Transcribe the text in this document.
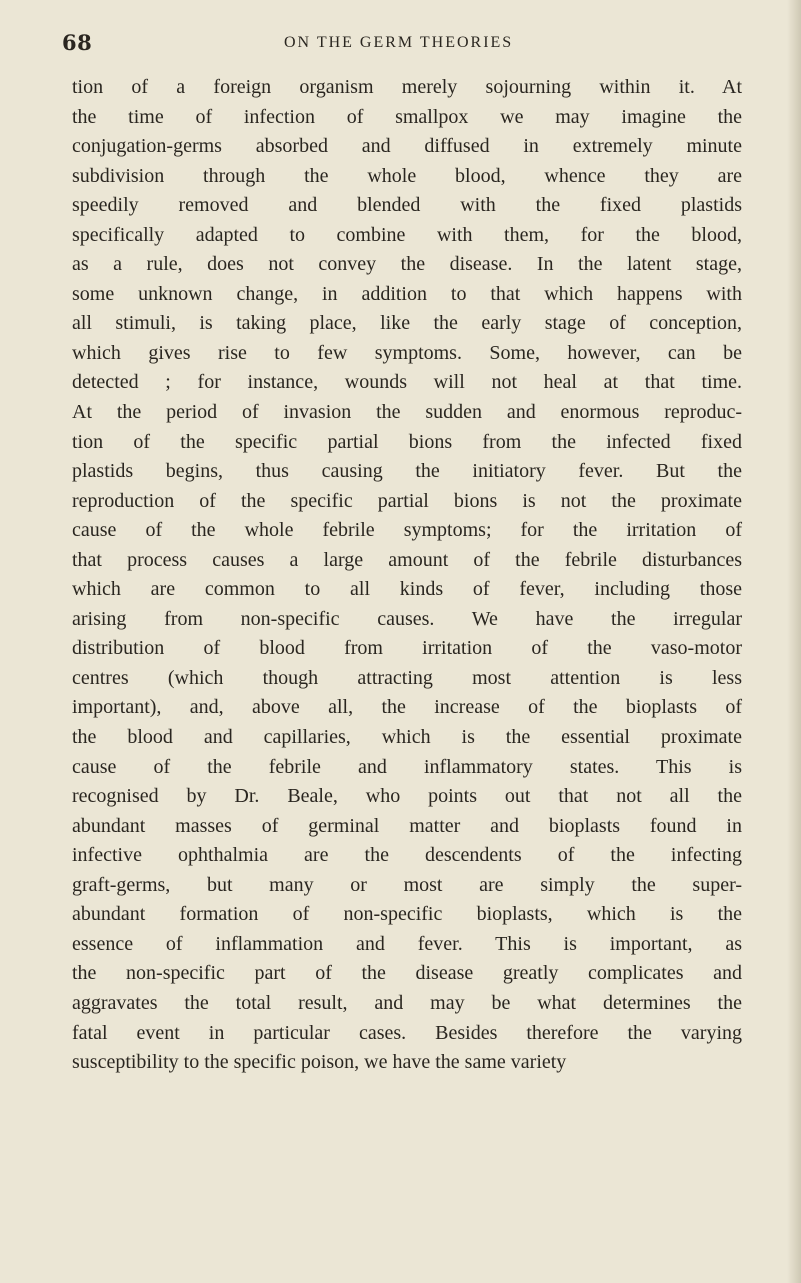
68	ON THE GERM THEORIES
tion of a foreign organism merely sojourning within it. At
the time of infection of smallpox we may imagine the
conjugation-germs absorbed and diffused in extremely minute
subdivision through the whole blood, whence they are
speedily removed and blended with the fixed plastids
specifically adapted to combine with them, for the blood,
as a rule, does not convey the disease. In the latent stage,
some unknown change, in addition to that which happens with
all stimuli, is taking place, like the early stage of conception,
which gives rise to few symptoms. Some, however, can be
detected ; for instance, wounds will not heal at that time.
At the period of invasion the sudden and enormous reproduc-
tion of the specific partial bions from the infected fixed
plastids begins, thus causing the initiatory fever. But the
reproduction of the specific partial bions is not the proximate
cause of the whole febrile symptoms; for the irritation of
that process causes a large amount of the febrile disturbances
which are common to all kinds of fever, including those
arising from non-specific causes. We have the irregular
distribution of blood from irritation of the vaso-motor
centres (which though attracting most attention is less
important), and, above all, the increase of the bioplasts of
the blood and capillaries, which is the essential proximate
cause of the febrile and inflammatory states. This is
recognised by Dr. Beale, who points out that not all the
abundant masses of germinal matter and bioplasts found in
infective ophthalmia are the descendents of the infecting
graft-germs, but many or most are simply the super-
abundant formation of non-specific bioplasts, which is the
essence of inflammation and fever. This is important, as
the non-specific part of the disease greatly complicates and
aggravates the total result, and may be what determines the
fatal event in particular cases. Besides therefore the varying
susceptibility to the specific poison, we have the same variety
